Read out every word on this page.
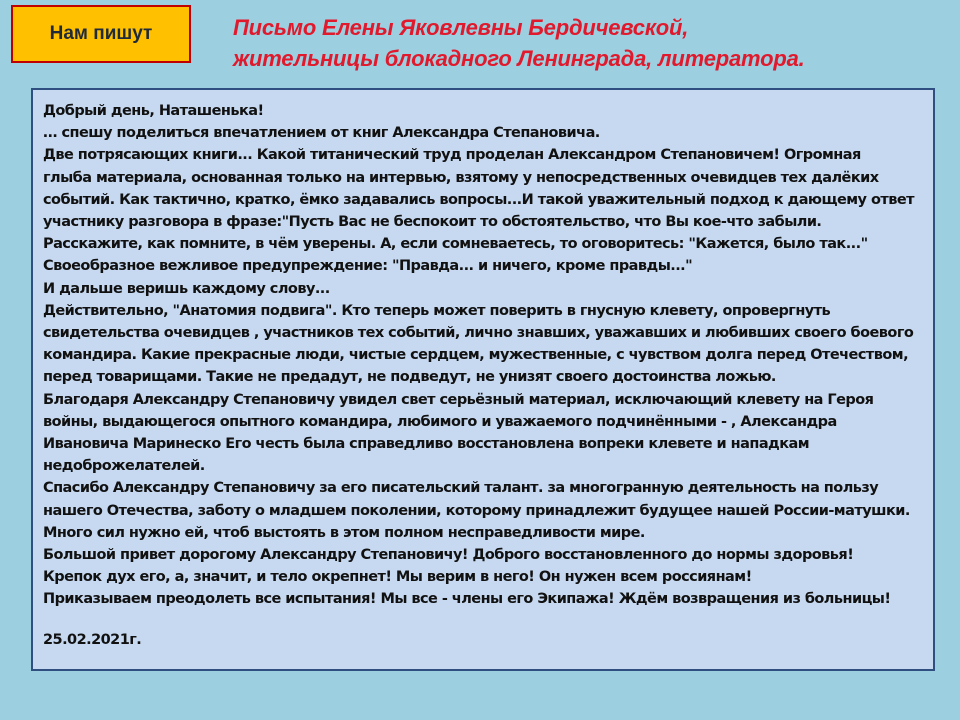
Нам пишут	Письмо Елены Яковлевны Бердичевской,
жительницы блокадного Ленинграда, литератора.
Добрый день, Наташенька!
… спешу поделиться впечатлением от книг Александра Степановича.
Две потрясающих книги... Какой титанический труд проделан Александром Степановичем! Огромная
глыба материала, основанная только на интервью, взятому у непосредственных очевидцев тех далёких
событий. Как тактично, кратко, ёмко задавались вопросы...И такой уважительный подход к дающему ответ
участнику разговора в фразе:"Пусть Вас не беспокоит то обстоятельство, что Вы кое-что забыли.
Расскажите, как помните, в чём уверены. А, если сомневаетесь, то оговоритесь: "Кажется, было так..."
Своеобразное вежливое предупреждение: "Правда... и ничего, кроме правды..."
И дальше веришь каждому слову...
Действительно, "Анатомия подвига". Кто теперь может поверить в гнусную клевету, опровергнуть
свидетельства очевидцев , участников тех событий, лично знавших, уважавших и любивших своего боевого
командира. Какие прекрасные люди, чистые сердцем, мужественные, с чувством долга перед Отечеством,
перед товарищами. Такие не предадут, не подведут, не унизят своего достоинства ложью.
Благодаря Александру Степановичу увидел свет серьёзный материал, исключающий клевету на Героя
войны, выдающегося опытного командира, любимого и уважаемого подчинёнными - , Александра
Ивановича Маринеско Его честь была справедливо восстановлена вопреки клевете и нападкам
недоброжелателей.
Спасибо Александру Степановичу за его писательский талант. за многогранную деятельность на пользу
нашего Отечества, заботу о младшем поколении, которому принадлежит будущее нашей России-матушки.
Много сил нужно ей, чтоб выстоять в этом полном несправедливости мире.
Большой привет дорогому Александру Степановичу! Доброго восстановленного до нормы здоровья!
Крепок дух его, а, значит, и тело окрепнет! Мы верим в него! Он нужен всем россиянам!
Приказываем преодолеть все испытания! Мы все - члены его Экипажа! Ждём возвращения из больницы!
25.02.2021г.
